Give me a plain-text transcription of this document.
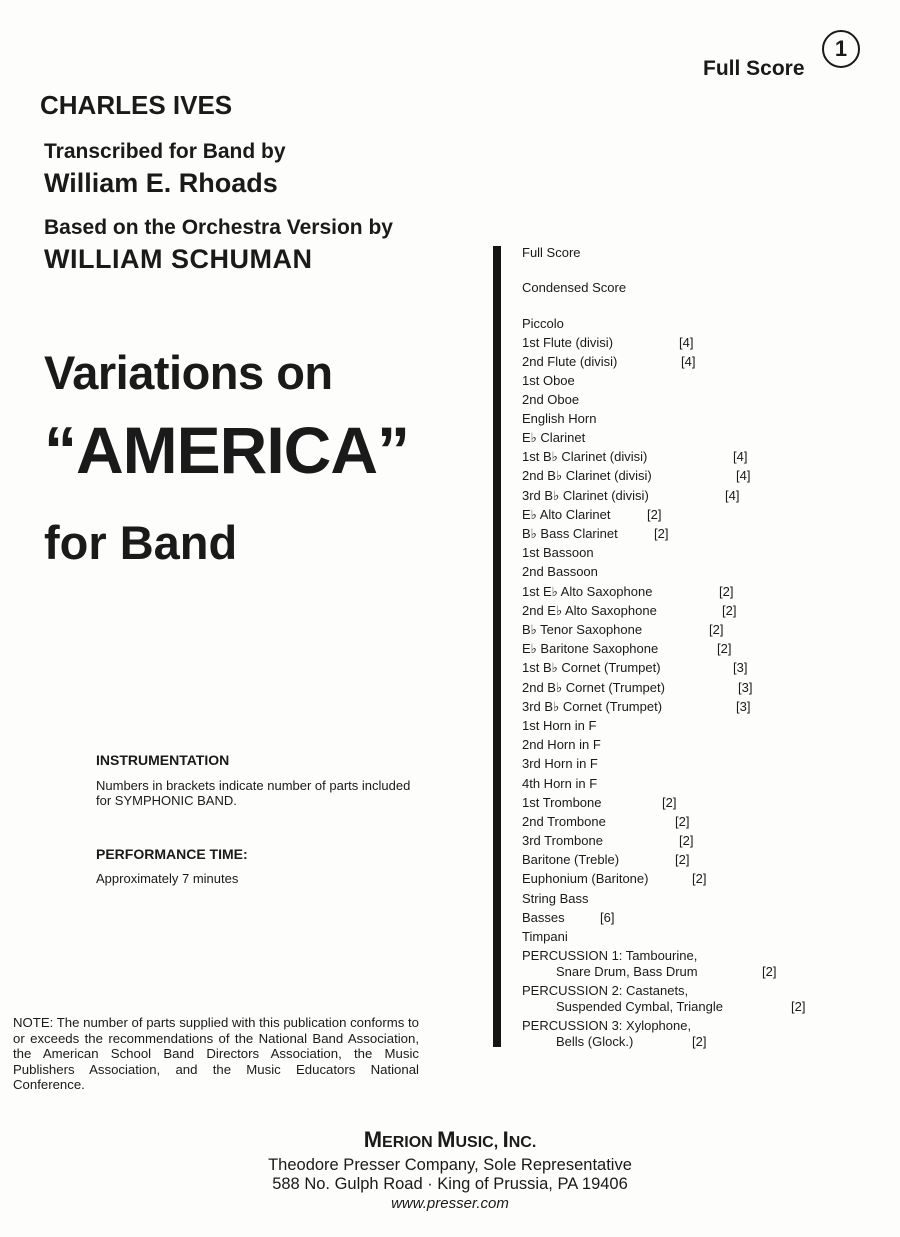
Full Score
1
CHARLES IVES
Transcribed for Band by
William E. Rhoads
Based on the Orchestra Version by
WILLIAM SCHUMAN
Variations on
“AMERICA”
for Band
INSTRUMENTATION
Numbers in brackets indicate number of parts included for SYMPHONIC BAND.
PERFORMANCE TIME:
Approximately 7 minutes
NOTE: The number of parts supplied with this publication conforms to or exceeds the recommendations of the National Band Association, the American School Band Directors Association, the Music Publishers Association, and the Music Educators National Conference.
Full Score
Condensed Score
Piccolo
1st Flute (divisi)	[4]
2nd Flute (divisi)	[4]
1st Oboe
2nd Oboe
English Horn
E♭ Clarinet
1st B♭ Clarinet (divisi)	[4]
2nd B♭ Clarinet (divisi)	[4]
3rd B♭ Clarinet (divisi)	[4]
E♭ Alto Clarinet	[2]
B♭ Bass Clarinet	[2]
1st Bassoon
2nd Bassoon
1st E♭ Alto Saxophone	[2]
2nd E♭ Alto Saxophone	[2]
B♭ Tenor Saxophone	[2]
E♭ Baritone Saxophone	[2]
1st B♭ Cornet (Trumpet)	[3]
2nd B♭ Cornet (Trumpet)	[3]
3rd B♭ Cornet (Trumpet)	[3]
1st Horn in F
2nd Horn in F
3rd Horn in F
4th Horn in F
1st Trombone	[2]
2nd Trombone	[2]
3rd Trombone	[2]
Baritone (Treble)	[2]
Euphonium (Baritone)	[2]
String Bass
Basses	[6]
Timpani
PERCUSSION 1: Tambourine,
Snare Drum, Bass Drum	[2]
PERCUSSION 2: Castanets,
Suspended Cymbal, Triangle	[2]
PERCUSSION 3: Xylophone,
Bells (Glock.)	[2]
MERION MUSIC, INC.
Theodore Presser Company, Sole Representative
588 No. Gulph Road · King of Prussia, PA 19406
www.presser.com
